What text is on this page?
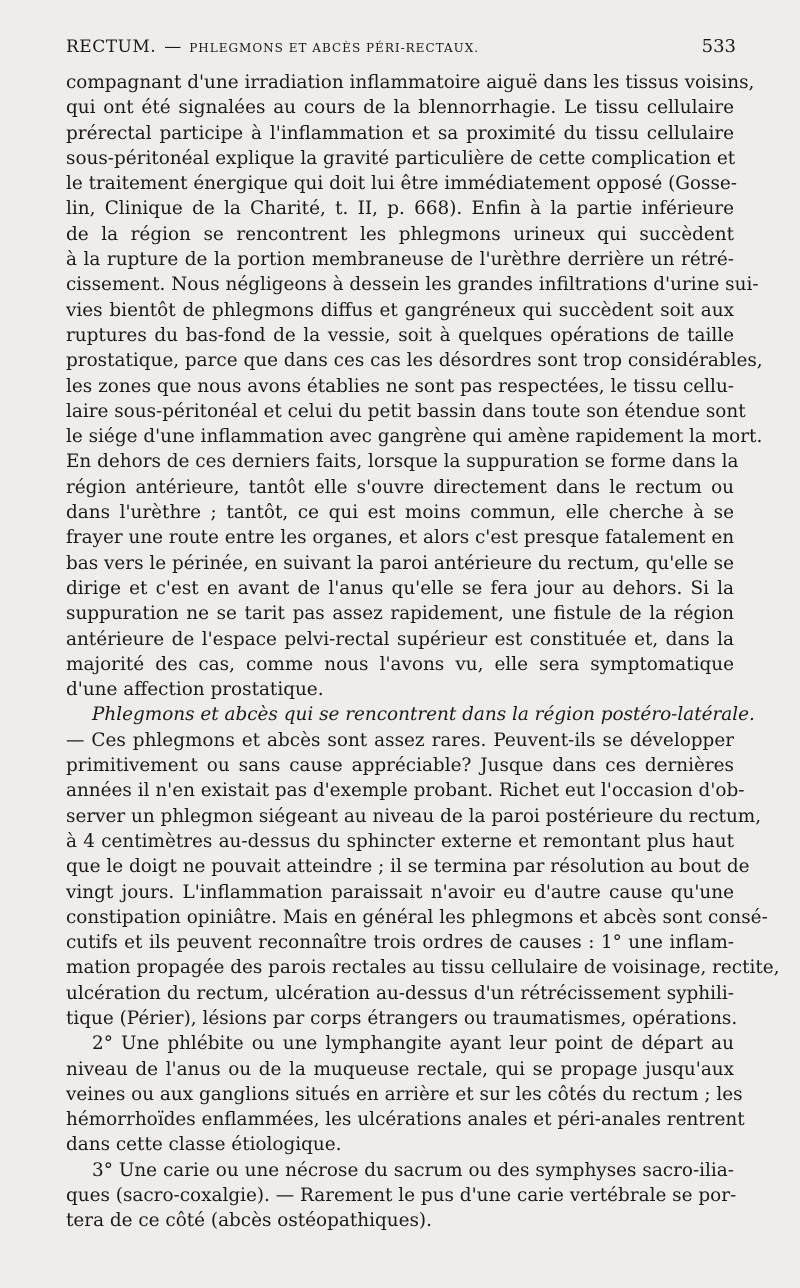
RECTUM. — PHLEGMONS ET ABCÈS PÉRI-RECTAUX.	533
compagnant d'une irradiation inflammatoire aiguë dans les tissus voisins,
qui ont été signalées au cours de la blennorrhagie. Le tissu cellulaire
prérectal participe à l'inflammation et sa proximité du tissu cellulaire
sous-péritonéal explique la gravité particulière de cette complication et
le traitement énergique qui doit lui être immédiatement opposé (Gosse-
lin, Clinique de la Charité, t. II, p. 668). Enfin à la partie inférieure
de la région se rencontrent les phlegmons urineux qui succèdent
à la rupture de la portion membraneuse de l'urèthre derrière un rétré-
cissement. Nous négligeons à dessein les grandes infiltrations d'urine sui-
vies bientôt de phlegmons diffus et gangréneux qui succèdent soit aux
ruptures du bas-fond de la vessie, soit à quelques opérations de taille
prostatique, parce que dans ces cas les désordres sont trop considérables,
les zones que nous avons établies ne sont pas respectées, le tissu cellu-
laire sous-péritonéal et celui du petit bassin dans toute son étendue sont
le siége d'une inflammation avec gangrène qui amène rapidement la mort.
En dehors de ces derniers faits, lorsque la suppuration se forme dans la
région antérieure, tantôt elle s'ouvre directement dans le rectum ou
dans l'urèthre ; tantôt, ce qui est moins commun, elle cherche à se
frayer une route entre les organes, et alors c'est presque fatalement en
bas vers le périnée, en suivant la paroi antérieure du rectum, qu'elle se
dirige et c'est en avant de l'anus qu'elle se fera jour au dehors. Si la
suppuration ne se tarit pas assez rapidement, une fistule de la région
antérieure de l'espace pelvi-rectal supérieur est constituée et, dans la
majorité des cas, comme nous l'avons vu, elle sera symptomatique
d'une affection prostatique.
Phlegmons et abcès qui se rencontrent dans la région postéro-latérale.
— Ces phlegmons et abcès sont assez rares. Peuvent-ils se développer
primitivement ou sans cause appréciable? Jusque dans ces dernières
années il n'en existait pas d'exemple probant. Richet eut l'occasion d'ob-
server un phlegmon siégeant au niveau de la paroi postérieure du rectum,
à 4 centimètres au-dessus du sphincter externe et remontant plus haut
que le doigt ne pouvait atteindre ; il se termina par résolution au bout de
vingt jours. L'inflammation paraissait n'avoir eu d'autre cause qu'une
constipation opiniâtre. Mais en général les phlegmons et abcès sont consé-
cutifs et ils peuvent reconnaître trois ordres de causes : 1° une inflam-
mation propagée des parois rectales au tissu cellulaire de voisinage, rectite,
ulcération du rectum, ulcération au-dessus d'un rétrécissement syphili-
tique (Périer), lésions par corps étrangers ou traumatismes, opérations.
2° Une phlébite ou une lymphangite ayant leur point de départ au
niveau de l'anus ou de la muqueuse rectale, qui se propage jusqu'aux
veines ou aux ganglions situés en arrière et sur les côtés du rectum ; les
hémorrhoïdes enflammées, les ulcérations anales et péri-anales rentrent
dans cette classe étiologique.
3° Une carie ou une nécrose du sacrum ou des symphyses sacro-ilia-
ques (sacro-coxalgie). — Rarement le pus d'une carie vertébrale se por-
tera de ce côté (abcès ostéopathiques).
